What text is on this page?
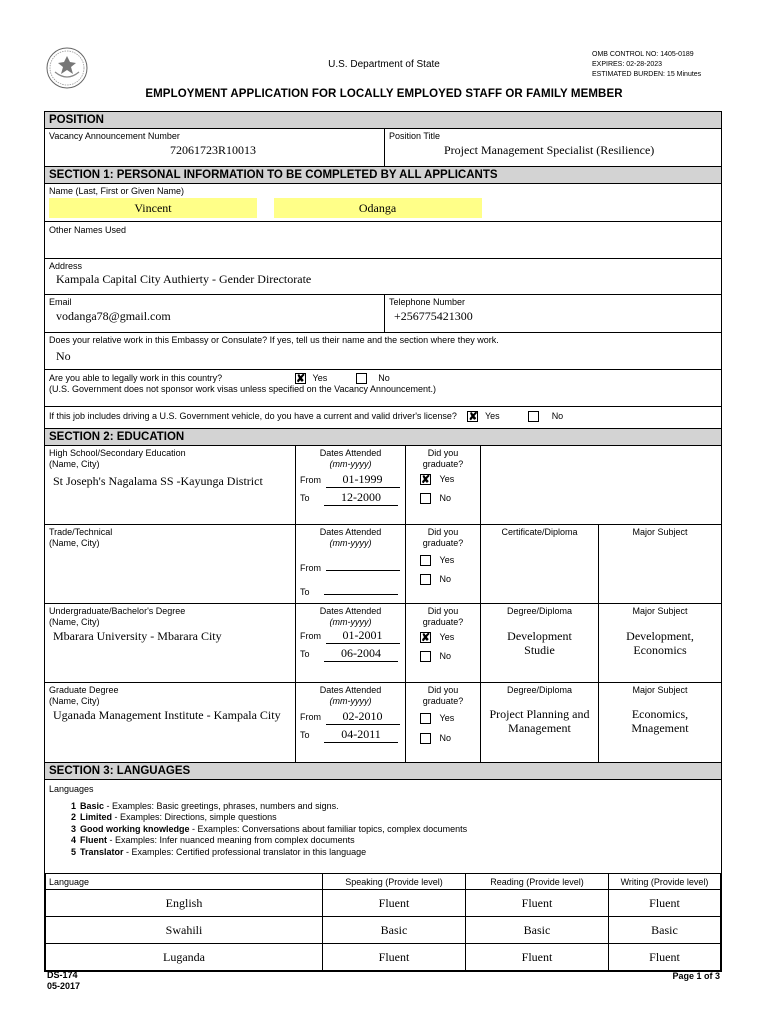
U.S. Department of State
OMB CONTROL NO: 1405-0189
EXPIRES: 02-28-2023
ESTIMATED BURDEN: 15 Minutes
EMPLOYMENT APPLICATION FOR LOCALLY EMPLOYED STAFF OR FAMILY MEMBER
POSITION
Vacancy Announcement Number
72061723R10013
Position Title
Project Management Specialist (Resilience)
SECTION 1: PERSONAL INFORMATION TO BE COMPLETED BY ALL APPLICANTS
Name (Last, First or Given Name)
Vincent	Odanga
Other Names Used
Address
Kampala Capital City Authierty - Gender Directorate
Email
vodanga78@gmail.com
Telephone Number
+256775421300
Does your relative work in this Embassy or Consulate? If yes, tell us their name and the section where they work.
No
Are you able to legally work in this country?	✘ Yes	No
(U.S. Government does not sponsor work visas unless specified on the Vacancy Announcement.)
If this job includes driving a U.S. Government vehicle, do you have a current and valid driver's license? ✘ Yes	No
SECTION 2: EDUCATION
High School/Secondary Education
(Name, City)
St Joseph's Nagalama SS -Kayunga District
Dates Attended
(mm-yyyy)
From 01-1999
To	12-2000
Did you
graduate?
✘ Yes
No
Trade/Technical
(Name, City)
Dates Attended
(mm-yyyy)
From
To
Did you
graduate?
Yes
No
Certificate/Diploma	Major Subject
Undergraduate/Bachelor's Degree
(Name, City)
Mbarara University - Mbarara City
Dates Attended
(mm-yyyy)
From 01-2001
To	06-2004
Did you
graduate?
✘ Yes
No
Degree/Diploma
Development Studie
Major Subject
Development, Economics
Graduate Degree
(Name, City)
Uganada Management Institute - Kampala City
Dates Attended
(mm-yyyy)
From 02-2010
To	04-2011
Did you
graduate?
Yes
No
Degree/Diploma
Project Planning and Management
Major Subject
Economics, Mnagement
SECTION 3: LANGUAGES
Languages
1 Basic - Examples: Basic greetings, phrases, numbers and signs.
2 Limited - Examples: Directions, simple questions
3 Good working knowledge - Examples: Conversations about familiar topics, complex documents
4 Fluent - Examples: Infer nuanced meaning from complex documents
5 Translator - Examples: Certified professional translator in this language
Language	Speaking (Provide level)	Reading (Provide level)	Writing (Provide level)
English	Fluent	Fluent	Fluent
Swahili	Basic	Basic	Basic
Luganda	Fluent	Fluent	Fluent
DS-174
05-2017
Page 1 of 3
